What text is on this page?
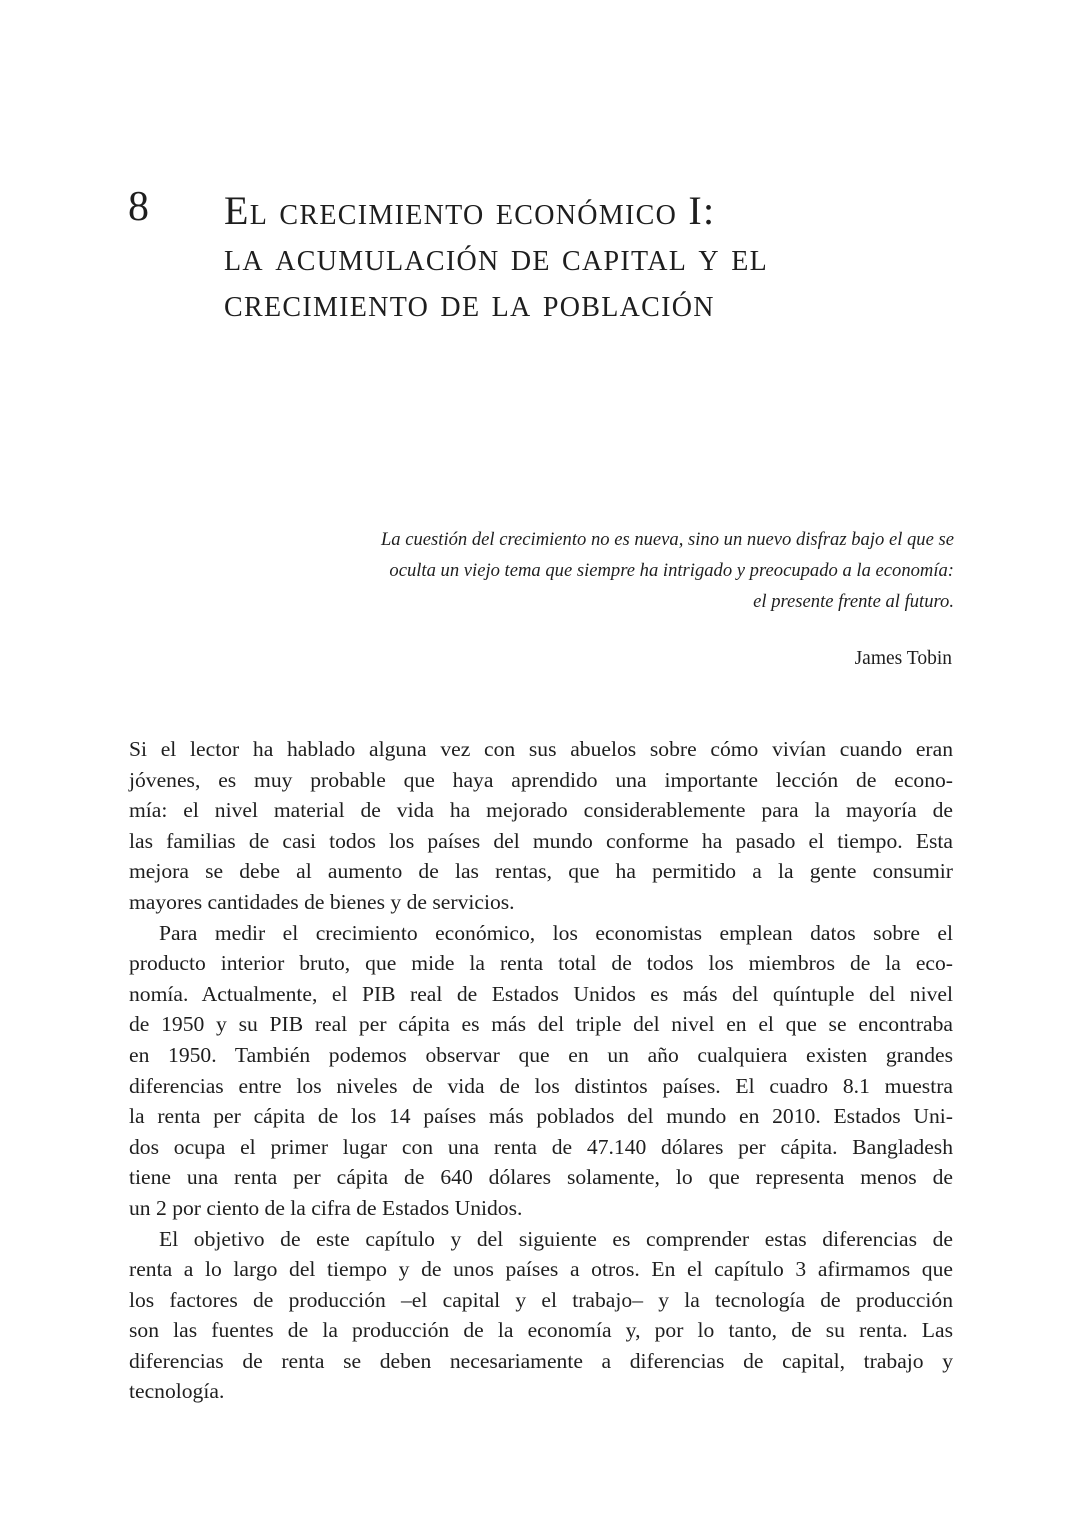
8 El crecimiento económico I:
la acumulación de capital y el
crecimiento de la población
La cuestión del crecimiento no es nueva, sino un nuevo disfraz bajo el que se
oculta un viejo tema que siempre ha intrigado y preocupado a la economía:
el presente frente al futuro.
James Tobin
Si el lector ha hablado alguna vez con sus abuelos sobre cómo vivían cuando eran
jóvenes, es muy probable que haya aprendido una importante lección de econo-
mía: el nivel material de vida ha mejorado considerablemente para la mayoría de
las familias de casi todos los países del mundo conforme ha pasado el tiempo. Esta
mejora se debe al aumento de las rentas, que ha permitido a la gente consumir
mayores cantidades de bienes y de servicios.
Para medir el crecimiento económico, los economistas emplean datos sobre el
producto interior bruto, que mide la renta total de todos los miembros de la eco-
nomía. Actualmente, el PIB real de Estados Unidos es más del quíntuple del nivel
de 1950 y su PIB real per cápita es más del triple del nivel en el que se encontraba
en 1950. También podemos observar que en un año cualquiera existen grandes
diferencias entre los niveles de vida de los distintos países. El cuadro 8.1 muestra
la renta per cápita de los 14 países más poblados del mundo en 2010. Estados Uni-
dos ocupa el primer lugar con una renta de 47.140 dólares per cápita. Bangladesh
tiene una renta per cápita de 640 dólares solamente, lo que representa menos de
un 2 por ciento de la cifra de Estados Unidos.
El objetivo de este capítulo y del siguiente es comprender estas diferencias de
renta a lo largo del tiempo y de unos países a otros. En el capítulo 3 afirmamos que
los factores de producción –el capital y el trabajo– y la tecnología de producción
son las fuentes de la producción de la economía y, por lo tanto, de su renta. Las
diferencias de renta se deben necesariamente a diferencias de capital, trabajo y
tecnología.
